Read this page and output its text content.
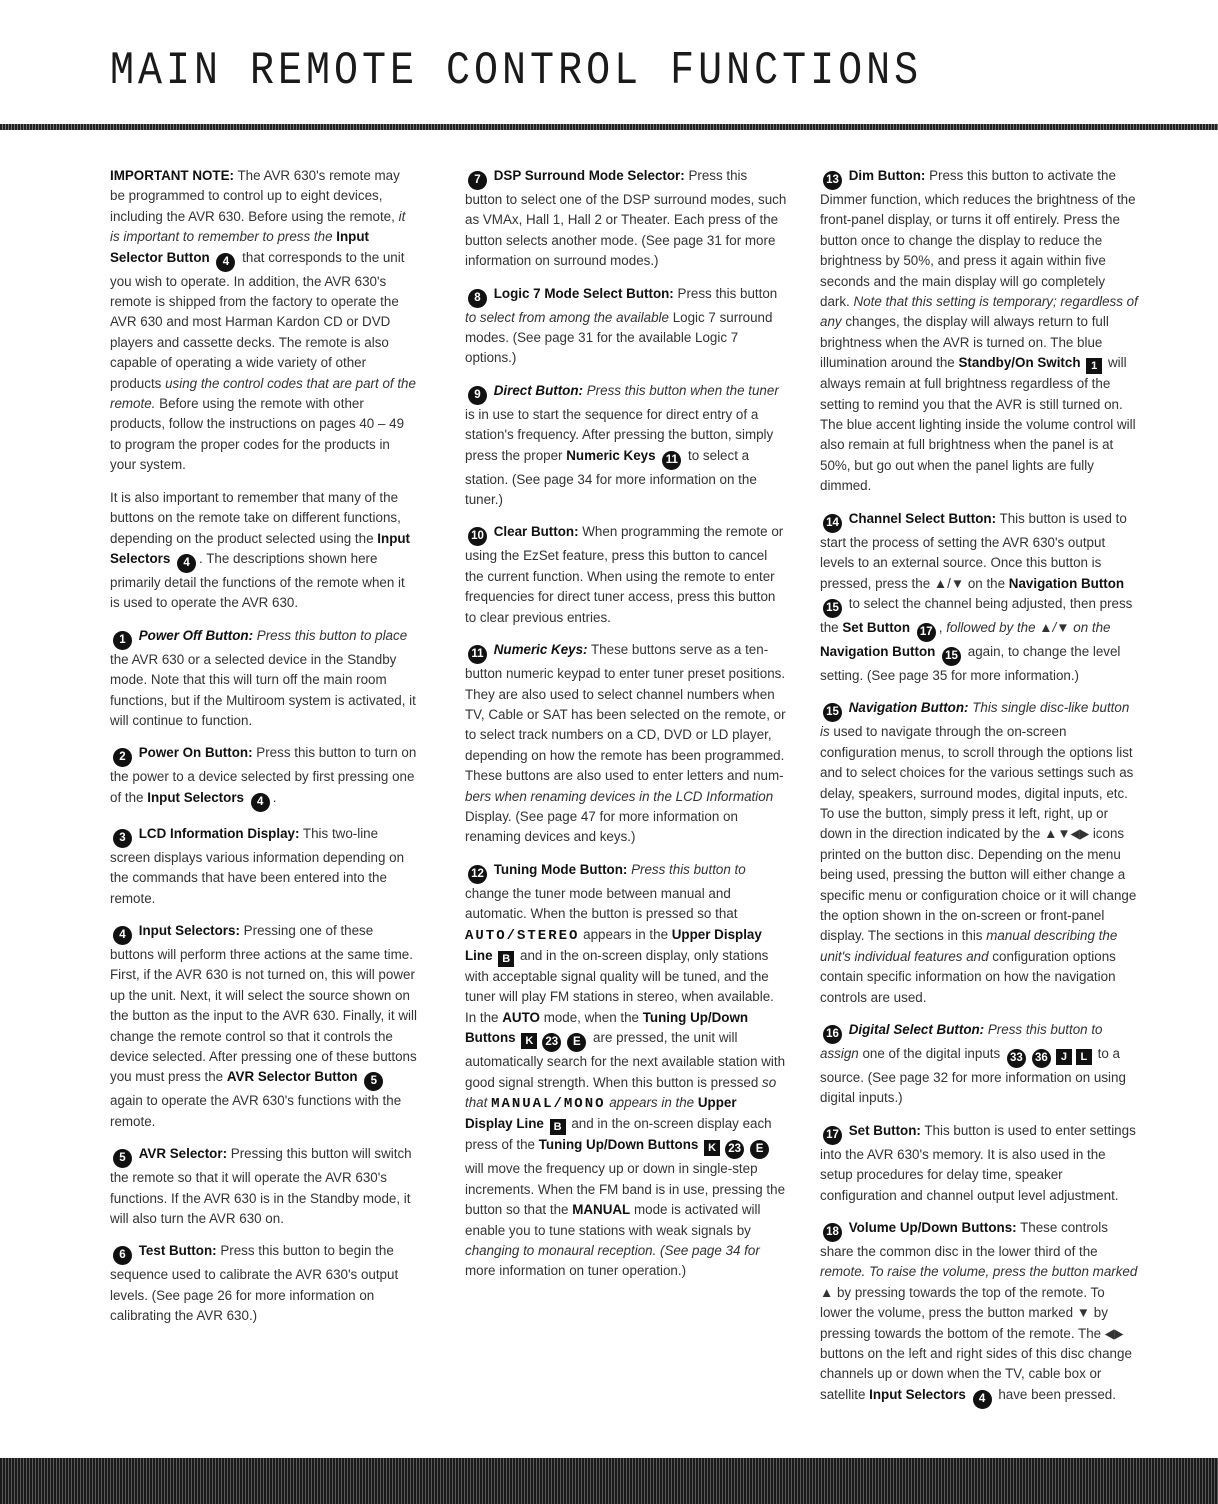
MAIN REMOTE CONTROL FUNCTIONS

IMPORTANT NOTE: The AVR 630's remote may be programmed to control up to eight devices, including the AVR 630. Before using the remote, it is important to remember to press the Input Selector Button 4 that corresponds to the unit you wish to operate. In addition, the AVR 630's remote is shipped from the factory to operate the AVR 630 and most Harman Kardon CD or DVD players and cassette decks. The remote is also capable of operating a wide variety of other products using the control codes that are part of the remote. Before using the remote with other products, follow the instructions on pages 40 – 49 to program the proper codes for the products in your system.

It is also important to remember that many of the buttons on the remote take on different functions, depending on the product selected using the Input Selectors 4 . The descriptions shown here primarily detail the functions of the remote when it is used to operate the AVR 630.

1 Power Off Button: Press this button to place the AVR 630 or a selected device in the Standby mode. Note that this will turn off the main room functions, but if the Multiroom system is activated, it will continue to function.

2 Power On Button: Press this button to turn on the power to a device selected by first pressing one of the Input Selectors 4 .

3 LCD Information Display: This two-line screen displays various information depending on the commands that have been entered into the remote.

4 Input Selectors: Pressing one of these buttons will perform three actions at the same time. First, if the AVR 630 is not turned on, this will power up the unit. Next, it will select the source shown on the button as the input to the AVR 630. Finally, it will change the remote control so that it controls the device selected. After pressing one of these buttons you must press the AVR Selector Button 5 again to operate the AVR 630's functions with the remote.

5 AVR Selector: Pressing this button will switch the remote so that it will operate the AVR 630's functions. If the AVR 630 is in the Standby mode, it will also turn the AVR 630 on.

6 Test Button: Press this button to begin the sequence used to calibrate the AVR 630's output levels. (See page 26 for more information on calibrating the AVR 630.)

7 DSP Surround Mode Selector: Press this button to select one of the DSP surround modes, such as VMAx, Hall 1, Hall 2 or Theater. Each press of the button selects another mode. (See page 31 for more information on surround modes.)

8 Logic 7 Mode Select Button: Press this button to select from among the available Logic 7 surround modes. (See page 31 for the available Logic 7 options.)

9 Direct Button: Press this button when the tuner is in use to start the sequence for direct entry of a station's frequency. After pressing the button, simply press the proper Numeric Keys 11 to select a station. (See page 34 for more information on the tuner.)

10 Clear Button: When programming the remote or using the EzSet feature, press this button to cancel the current function. When using the remote to enter frequencies for direct tuner access, press this button to clear previous entries.

11 Numeric Keys: These buttons serve as a ten-button numeric keypad to enter tuner preset positions. They are also used to select channel numbers when TV, Cable or SAT has been selected on the remote, or to select track numbers on a CD, DVD or LD player, depending on how the remote has been programmed. These buttons are also used to enter letters and num- bers when renaming devices in the LCD Information Display. (See page 47 for more information on renaming devices and keys.)

12 Tuning Mode Button: Press this button to change the tuner mode between manual and automatic. When the button is pressed so that AUTO/STEREO appears in the Upper Display Line B and in the on-screen display, only stations with acceptable signal quality will be tuned, and the tuner will play FM stations in stereo, when available. In the AUTO mode, when the Tuning Up/Down Buttons K 23 E are pressed, the unit will automatically search for the next available station with good signal strength. When this button is pressed so that MANUAL/MONO appears in the Upper Display Line B and in the on-screen display each press of the Tuning Up/Down Buttons K 23 E will move the frequency up or down in single-step increments. When the FM band is in use, pressing the button so that the MANUAL mode is activated will enable you to tune stations with weak signals by changing to monaural reception. (See page 34 for more information on tuner operation.)

13 Dim Button: Press this button to activate the Dimmer function, which reduces the brightness of the front-panel display, or turns it off entirely. Press the button once to change the display to reduce the brightness by 50%, and press it again within five seconds and the main display will go completely dark. Note that this setting is temporary; regardless of any changes, the display will always return to full brightness when the AVR is turned on. The blue illumination around the Standby/On Switch 1 will always remain at full brightness regardless of the setting to remind you that the AVR is still turned on. The blue accent lighting inside the volume control will also remain at full brightness when the panel is at 50%, but go out when the panel lights are fully dimmed.

14 Channel Select Button: This button is used to start the process of setting the AVR 630's output levels to an external source. Once this button is pressed, press the ▲/▼ on the Navigation Button 15 to select the channel being adjusted, then press the Set Button 17 , followed by the ▲/▼ on the Navigation Button 15 again, to change the level setting. (See page 35 for more information.)

15 Navigation Button: This single disc-like button is used to navigate through the on-screen configuration menus, to scroll through the options list and to select choices for the various settings such as delay, speakers, surround modes, digital inputs, etc. To use the button, simply press it left, right, up or down in the direction indicated by the ▲▼◀▶ icons printed on the button disc. Depending on the menu being used, pressing the button will either change a specific menu or configuration choice or it will change the option shown in the on-screen or front-panel display. The sections in this manual describing the unit's individual features and configuration options contain specific information on how the navigation controls are used.

16 Digital Select Button: Press this button to assign one of the digital inputs 33 36 J L to a source. (See page 32 for more information on using digital inputs.)

17 Set Button: This button is used to enter settings into the AVR 630's memory. It is also used in the setup procedures for delay time, speaker configuration and channel output level adjustment.

18 Volume Up/Down Buttons: These controls share the common disc in the lower third of the remote. To raise the volume, press the button marked ▲ by pressing towards the top of the remote. To lower the volume, press the button marked ▼ by pressing towards the bottom of the remote. The ◀▶ buttons on the left and right sides of this disc change channels up or down when the TV, cable box or satellite Input Selectors 4 have been pressed.
